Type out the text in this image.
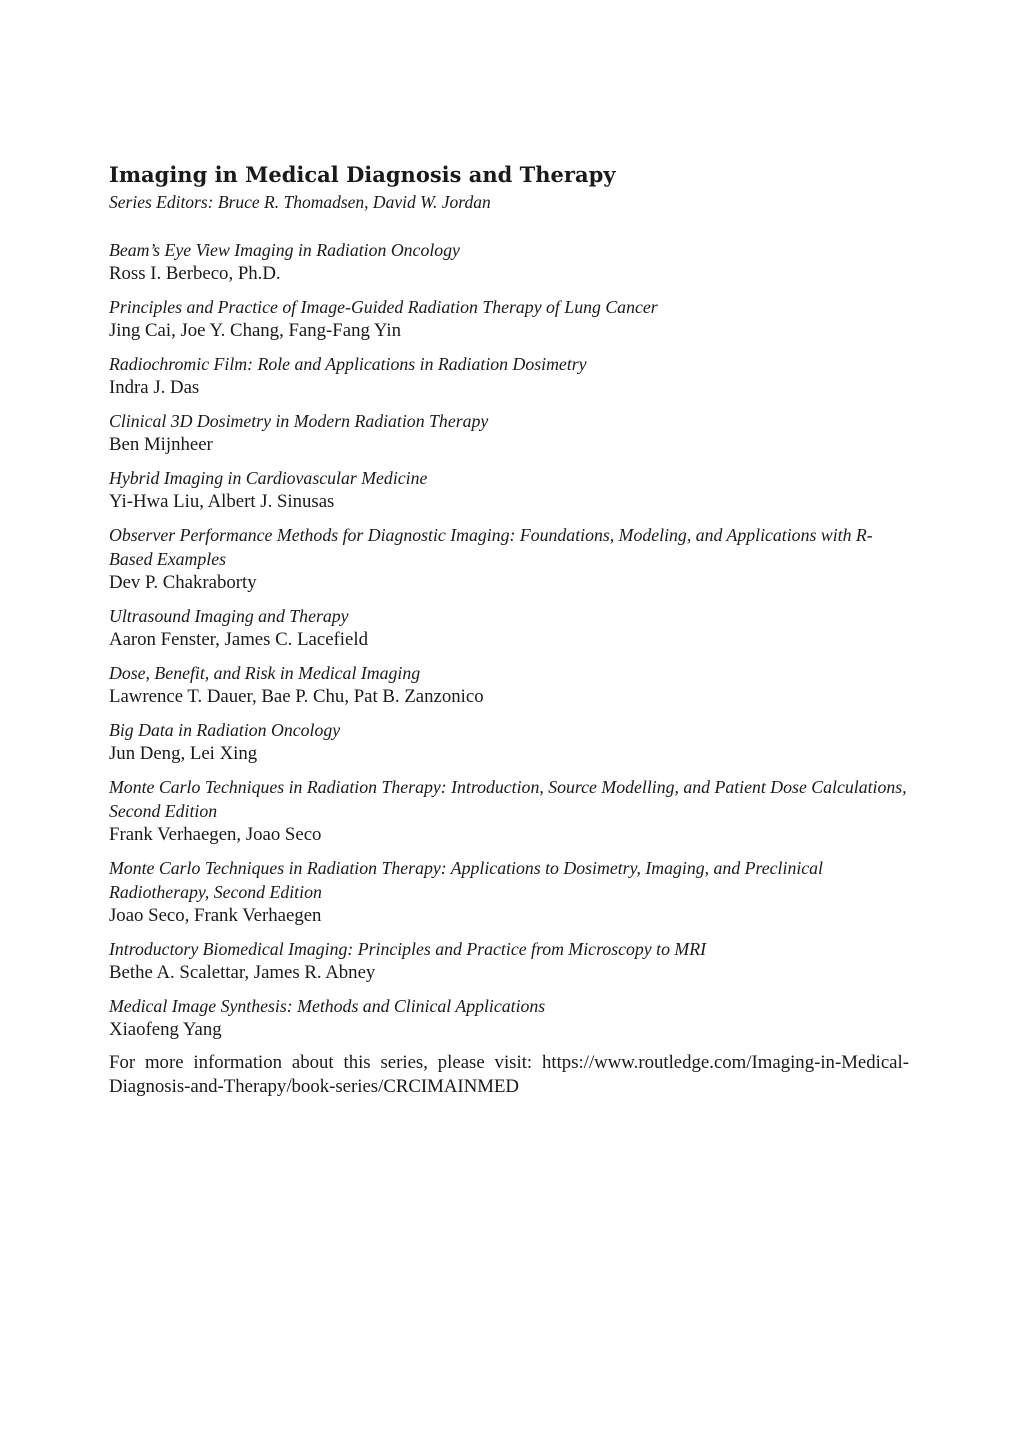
Imaging in Medical Diagnosis and Therapy

Series Editors: Bruce R. Thomadsen, David W. Jordan

Beam’s Eye View Imaging in Radiation Oncology
Ross I. Berbeco, Ph.D.
Principles and Practice of Image-Guided Radiation Therapy of Lung Cancer
Jing Cai, Joe Y. Chang, Fang-Fang Yin
Radiochromic Film: Role and Applications in Radiation Dosimetry
Indra J. Das
Clinical 3D Dosimetry in Modern Radiation Therapy
Ben Mijnheer
Hybrid Imaging in Cardiovascular Medicine
Yi-Hwa Liu, Albert J. Sinusas
Observer Performance Methods for Diagnostic Imaging: Foundations, Modeling, and Applications with R-Based Examples
Dev P. Chakraborty
Ultrasound Imaging and Therapy
Aaron Fenster, James C. Lacefield
Dose, Benefit, and Risk in Medical Imaging
Lawrence T. Dauer, Bae P. Chu, Pat B. Zanzonico
Big Data in Radiation Oncology
Jun Deng, Lei Xing
Monte Carlo Techniques in Radiation Therapy: Introduction, Source Modelling, and Patient Dose Calculations, Second Edition
Frank Verhaegen, Joao Seco
Monte Carlo Techniques in Radiation Therapy: Applications to Dosimetry, Imaging, and Preclinical Radiotherapy, Second Edition
Joao Seco, Frank Verhaegen
Introductory Biomedical Imaging: Principles and Practice from Microscopy to MRI
Bethe A. Scalettar, James R. Abney
Medical Image Synthesis: Methods and Clinical Applications
Xiaofeng Yang

For more information about this series, please visit: https://www.routledge.com/Imaging-in-Medical-Diagnosis-and-Therapy/book-series/CRCIMAINMED
